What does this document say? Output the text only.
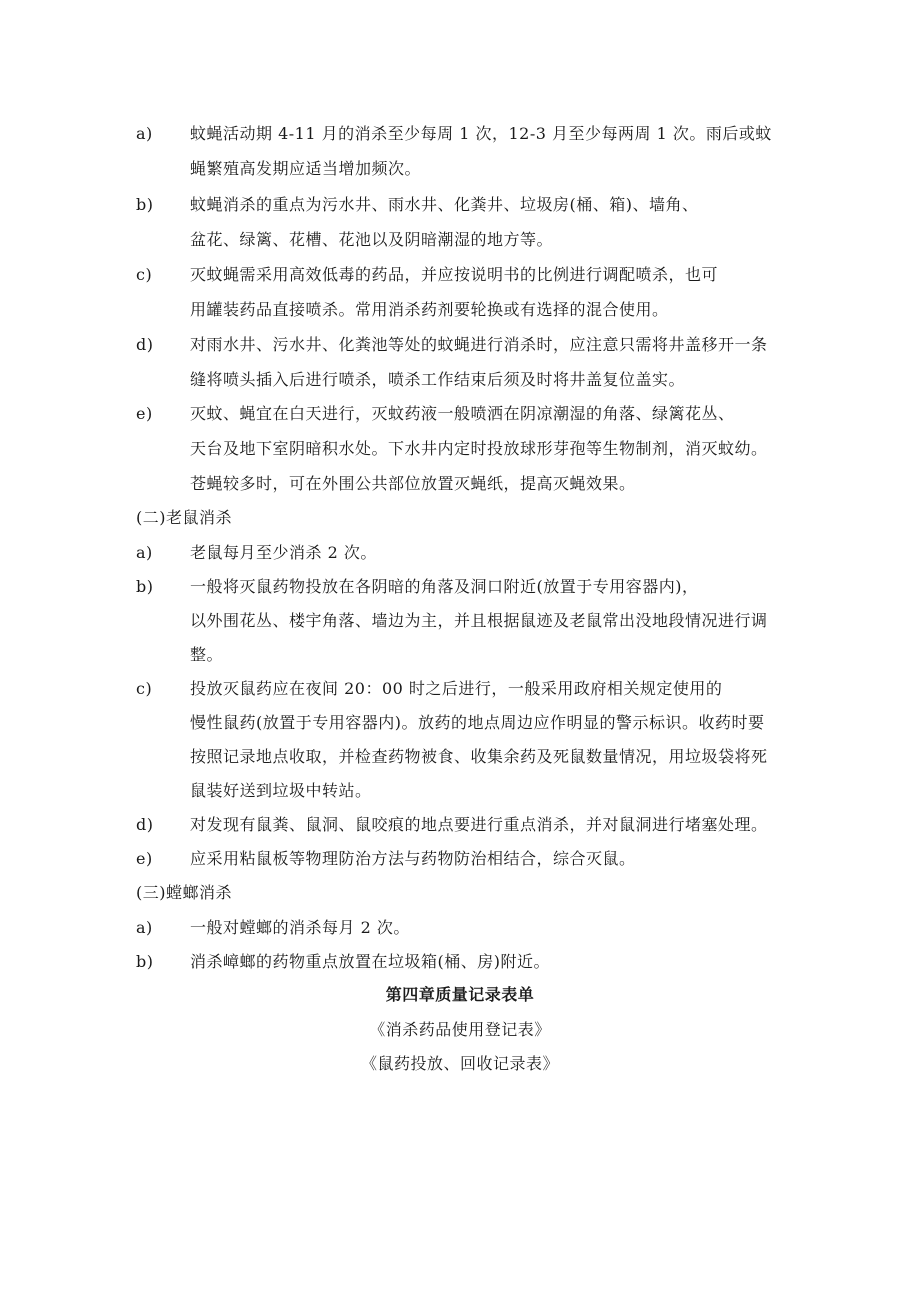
a) 蚊蝇活动期 4-11 月的消杀至少每周 1 次，12-3 月至少每两周 1 次。雨后或蚊
蝇繁殖高发期应适当增加频次。
b) 蚊蝇消杀的重点为污水井、雨水井、化粪井、垃圾房(桶、箱)、墙角、
盆花、绿篱、花槽、花池以及阴暗潮湿的地方等。
c) 灭蚊蝇需采用高效低毒的药品，并应按说明书的比例进行调配喷杀，也可
用罐装药品直接喷杀。常用消杀药剂要轮换或有选择的混合使用。
d) 对雨水井、污水井、化粪池等处的蚊蝇进行消杀时，应注意只需将井盖移开一条
缝将喷头插入后进行喷杀，喷杀工作结束后须及时将井盖复位盖实。
e) 灭蚊、蝇宜在白天进行，灭蚊药液一般喷洒在阴凉潮湿的角落、绿篱花丛、
天台及地下室阴暗积水处。下水井内定时投放球形芽孢等生物制剂，消灭蚊幼。
苍蝇较多时，可在外围公共部位放置灭蝇纸，提高灭蝇效果。
(二)老鼠消杀
a) 老鼠每月至少消杀 2 次。
b) 一般将灭鼠药物投放在各阴暗的角落及洞口附近(放置于专用容器内)，
以外围花丛、楼宇角落、墙边为主，并且根据鼠迹及老鼠常出没地段情况进行调
整。
c) 投放灭鼠药应在夜间 20：00 时之后进行，一般采用政府相关规定使用的
慢性鼠药(放置于专用容器内)。放药的地点周边应作明显的警示标识。收药时要
按照记录地点收取，并检查药物被食、收集余药及死鼠数量情况，用垃圾袋将死
鼠装好送到垃圾中转站。
d) 对发现有鼠粪、鼠洞、鼠咬痕的地点要进行重点消杀，并对鼠洞进行堵塞处理。
e) 应采用粘鼠板等物理防治方法与药物防治相结合，综合灭鼠。
(三)螳螂消杀
a) 一般对螳螂的消杀每月 2 次。
b) 消杀嶂螂的药物重点放置在垃圾箱(桶、房)附近。
第四章质量记录表单
《消杀药品使用登记表》
《鼠药投放、回收记录表》
